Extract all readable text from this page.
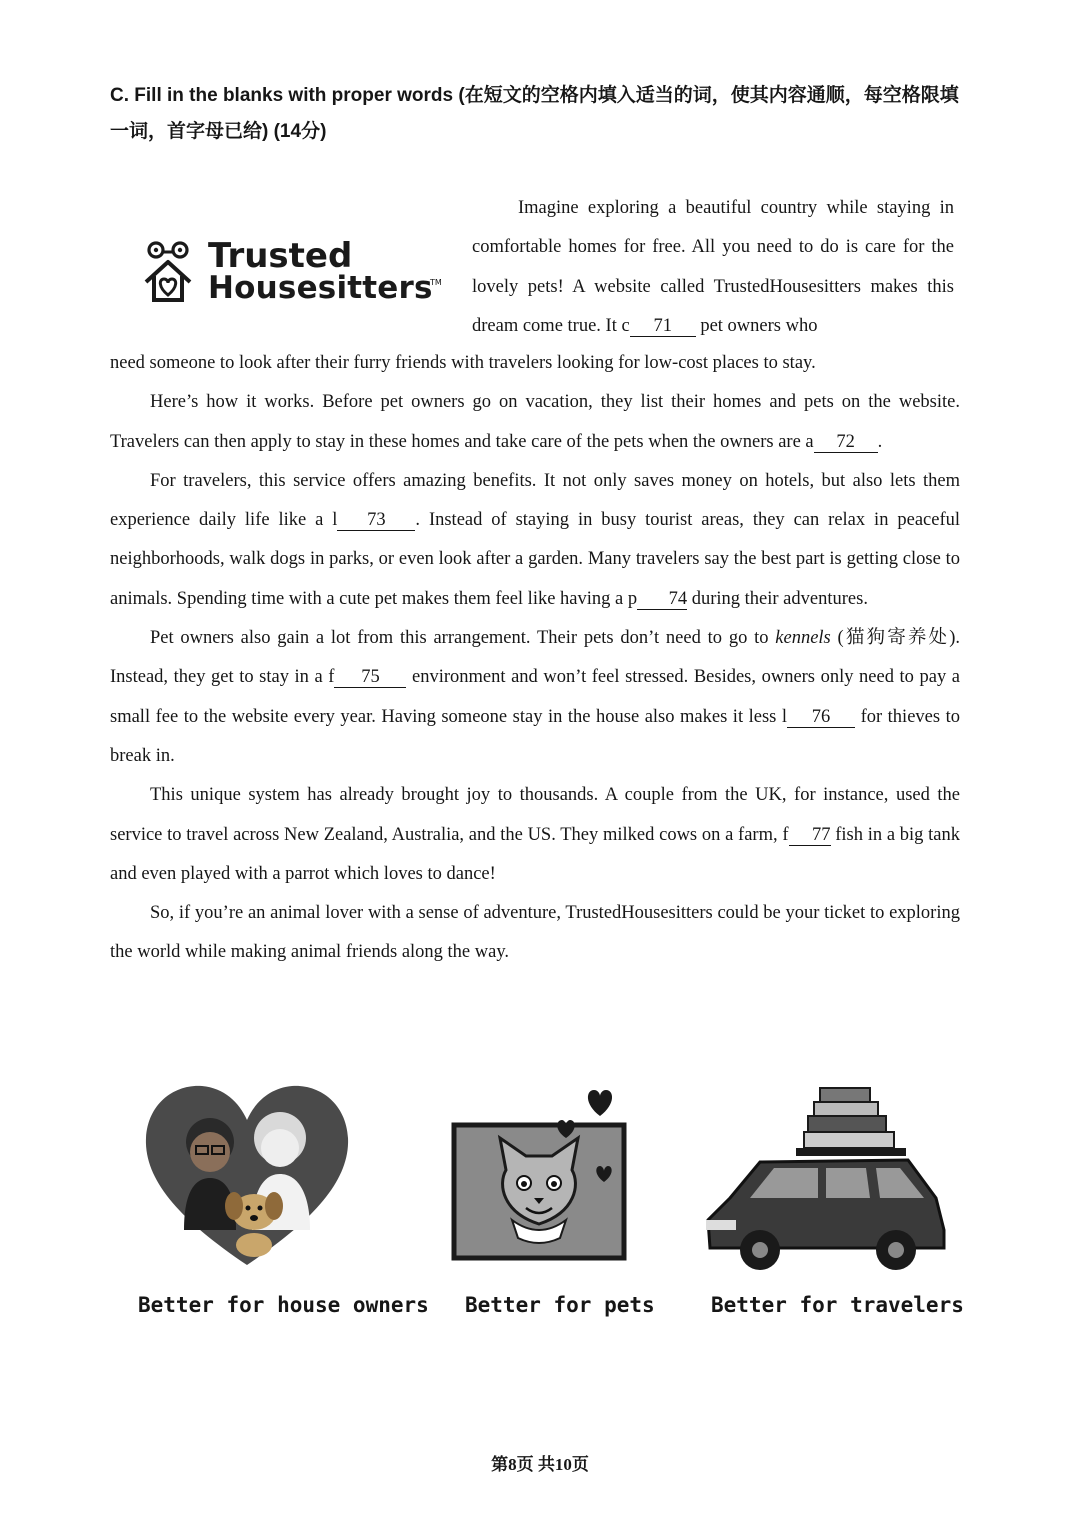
C. Fill in the blanks with proper words (在短文的空格内填入适当的词，使其内容通顺，每空格限填一词，首字母已给) (14分)

Trusted
Housesitters
TM

Imagine exploring a beautiful country while staying in comfortable homes for free. All you need to do is care for the lovely pets! A website called TrustedHousesitters makes this dream come true. It c 71 pet owners who

need someone to look after their furry friends with travelers looking for low-cost places to stay.

Here’s how it works. Before pet owners go on vacation, they list their homes and pets on the website. Travelers can then apply to stay in these homes and take care of the pets when the owners are a 72 .

For travelers, this service offers amazing benefits. It not only saves money on hotels, but also lets them experience daily life like a l 73 . Instead of staying in busy tourist areas, they can relax in peaceful neighborhoods, walk dogs in parks, or even look after a garden. Many travelers say the best part is getting close to animals. Spending time with a cute pet makes them feel like having a p 74 during their adventures.

Pet owners also gain a lot from this arrangement. Their pets don’t need to go to kennels (猫狗寄养处). Instead, they get to stay in a f 75 environment and won’t feel stressed. Besides, owners only need to pay a small fee to the website every year. Having someone stay in the house also makes it less l 76 for thieves to break in.

This unique system has already brought joy to thousands. A couple from the UK, for instance, used the service to travel across New Zealand, Australia, and the US. They milked cows on a farm, f 77 fish in a big tank and even played with a parrot which loves to dance!

So, if you’re an animal lover with a sense of adventure, TrustedHousesitters could be your ticket to exploring the world while making animal friends along the way.

Better for house owners Better for pets	Better for travelers
第8页 共10页
